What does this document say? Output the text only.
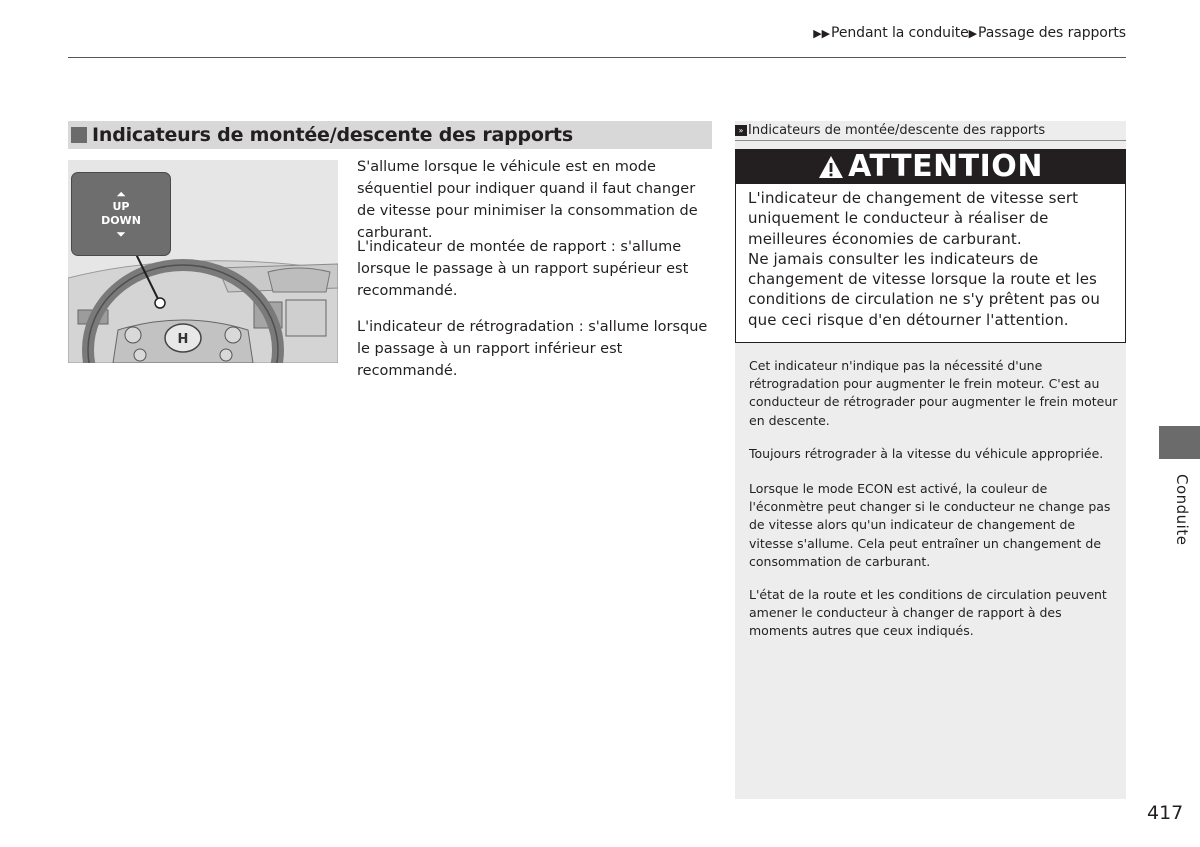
▶▶Pendant la conduite▶Passage des rapports
Indicateurs de montée/descente des rapports
H
⏶
UP
DOWN
⏷
S'allume lorsque le véhicule est en mode séquentiel pour indiquer quand il faut changer de vitesse pour minimiser la consommation de carburant.
L'indicateur de montée de rapport : s'allume lorsque le passage à un rapport supérieur est recommandé.
L'indicateur de rétrogradation : s'allume lorsque le passage à un rapport inférieur est recommandé.
» Indicateurs de montée/descente des rapports
ATTENTION
L'indicateur de changement de vitesse sert uniquement le conducteur à réaliser de meilleures économies de carburant.
Ne jamais consulter les indicateurs de changement de vitesse lorsque la route et les conditions de circulation ne s'y prêtent pas ou que ceci risque d'en détourner l'attention.
Cet indicateur n'indique pas la nécessité d'une rétrogradation pour augmenter le frein moteur. C'est au conducteur de rétrograder pour augmenter le frein moteur en descente.
Toujours rétrograder à la vitesse du véhicule appropriée.
Lorsque le mode ECON est activé, la couleur de l'éconmètre peut changer si le conducteur ne change pas de vitesse alors qu'un indicateur de changement de vitesse s'allume. Cela peut entraîner un changement de consommation de carburant.
L'état de la route et les conditions de circulation peuvent amener le conducteur à changer de rapport à des moments autres que ceux indiqués.
Conduite
417
